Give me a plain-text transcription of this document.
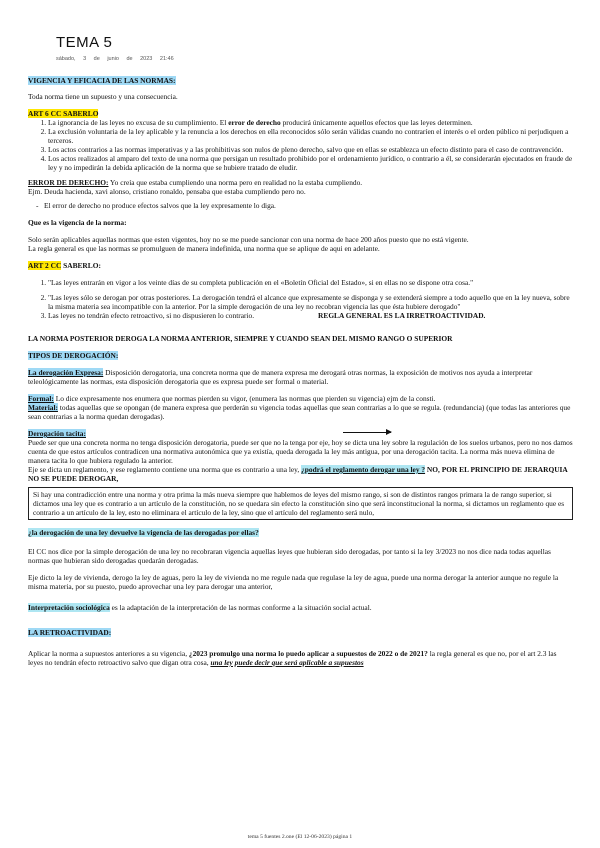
TEMA 5
sábado, 3 de junio de 2023 21:46
VIGENCIA Y EFICACIA DE LAS NORMAS:
Toda norma tiene un supuesto y una consecuencia.
ART 6 CC SABERLO
1. La ignorancia de las leyes no excusa de su cumplimiento. El error de derecho producirá únicamente aquellos efectos que las leyes determinen.
2. La exclusión voluntaria de la ley aplicable y la renuncia a los derechos en ella reconocidos sólo serán válidas cuando no contraríen el interés o el orden público ni perjudiquen a terceros.
3. Los actos contrarios a las normas imperativas y a las prohibitivas son nulos de pleno derecho, salvo que en ellas se establezca un efecto distinto para el caso de contravención.
4. Los actos realizados al amparo del texto de una norma que persigan un resultado prohibido por el ordenamiento jurídico, o contrario a él, se considerarán ejecutados en fraude de ley y no impedirán la debida aplicación de la norma que se hubiere tratado de eludir.
ERROR DE DERECHO: Yo creía que estaba cumpliendo una norma pero en realidad no la estaba cumpliendo.
Ejm. Deuda hacienda, xavi alonso, cristiano ronaldo, pensaba que estaba cumpliendo pero no.
-   El error de derecho no produce efectos salvos que la ley expresamente lo diga.
Que es la vigencia de la norma:
Solo serán aplicables aquellas normas que esten vigentes, hoy no se me puede sancionar con una norma de hace 200 años puesto que no está vigente.
La regla general es que las normas se promulguen de manera indefinida, una norma que se aplique de aqui en adelante.
ART 2 CC SABERLO:
1. "Las leyes entrarán en vigor a los veinte días de su completa publicación en el «Boletín Oficial del Estado», si en ellas no se dispone otra cosa."
2. "Las leyes sólo se derogan por otras posteriores. La derogación tendrá el alcance que expresamente se disponga y se extenderá siempre a todo aquello que en la ley nueva, sobre la misma materia sea incompatible con la anterior. Por la simple derogación de una ley no recobran vigencia las que ésta hubiere derogado"
3. Las leyes no tendrán efecto retroactivo, si no dispusieren lo contrario.	REGLA GENERAL ES LA IRRETROACTIVIDAD.
LA NORMA POSTERIOR DEROGA LA NORMA ANTERIOR, SIEMPRE Y CUANDO SEAN DEL MISMO RANGO O SUPERIOR
TIPOS DE DEROGACIÓN:
La derogación Expresa: Disposición derogatoria, una concreta norma que de manera expresa me derogará otras normas, la exposición de motivos nos ayuda a interpretar teleológicamente las normas, esta disposición derogatoria que es expresa puede ser formal o material.
Formal: Lo dice expresamente nos enumera que normas pierden su vigor, (enumera las normas que pierden su vigencia) ejm de la consti.
Material: todas aquellas que se opongan (de manera expresa que perderán su vigencia todas aquellas que sean contrarias a lo que se regula. (redundancia) (que todas las anteriores que sean contrarias a la norma quedan derogadas).
Derogación tacita:
Puede ser que una concreta norma no tenga disposición derogatoria, puede ser que no la tenga por eje, hoy se dicta una ley sobre la regulación de los suelos urbanos, pero no nos damos cuenta de que estos artículos contradicen una normativa autonómica que ya existía, queda derogada la ley más antigua, por una derogación tacita. La norma más nueva elimina de manera tacita lo que hubiera regulado la anterior.
Eje se dicta un reglamento, y ese reglamento contiene una norma que es contrario a una ley, ¿podrá el reglamento derogar una ley ? NO, POR EL PRINCIPIO DE JERARQUIA NO SE PUEDE DEROGAR,
Si hay una contradicción entre una norma y otra prima la más nueva siempre que hablemos de leyes del mismo rango, si son de distintos rangos primara la de rango superior, si dictamos una ley que es contrario a un artículo de la constitución, no se quedara sin efecto la constitución sino que será inconstitucional la norma, si dictamos un reglamento que es contrario a un artículo de la ley, esto no eliminara el artículo de la ley, sino que el artículo del reglamento será nulo,
¿la derogación de una ley devuelve la vigencia de las derogadas por ellas?
El CC nos dice por la simple derogación de una ley no recobraran vigencia aquellas leyes que hubieran sido derogadas, por tanto si la ley 3/2023 no nos dice nada todas aquellas normas que hubieran sido derogadas quedarán derogadas.
Eje dicto la ley de vivienda, derogo la ley de aguas, pero la ley de vivienda no me regule nada que regulase la ley de agua, puede una norma derogar la anterior aunque no regule la misma materia, por su puesto, puedo aprovechar una ley para derogar una anterior,
Interpretación sociológica es la adaptación de la interpretación de las normas conforme a la situación social actual.
LA RETROACTIVIDAD:
Aplicar la norma a supuestos anteriores a su vigencia, ¿2023 promulgo una norma lo puedo aplicar a supuestos de 2022 o de 2021? la regla general es que no, por el art 2.3 las leyes no tendrán efecto retroactivo salvo que digan otra cosa, una ley puede decir que será aplicable a supuestos
tema 5 fuentes 2.one (El 12-06-2023) página 1
